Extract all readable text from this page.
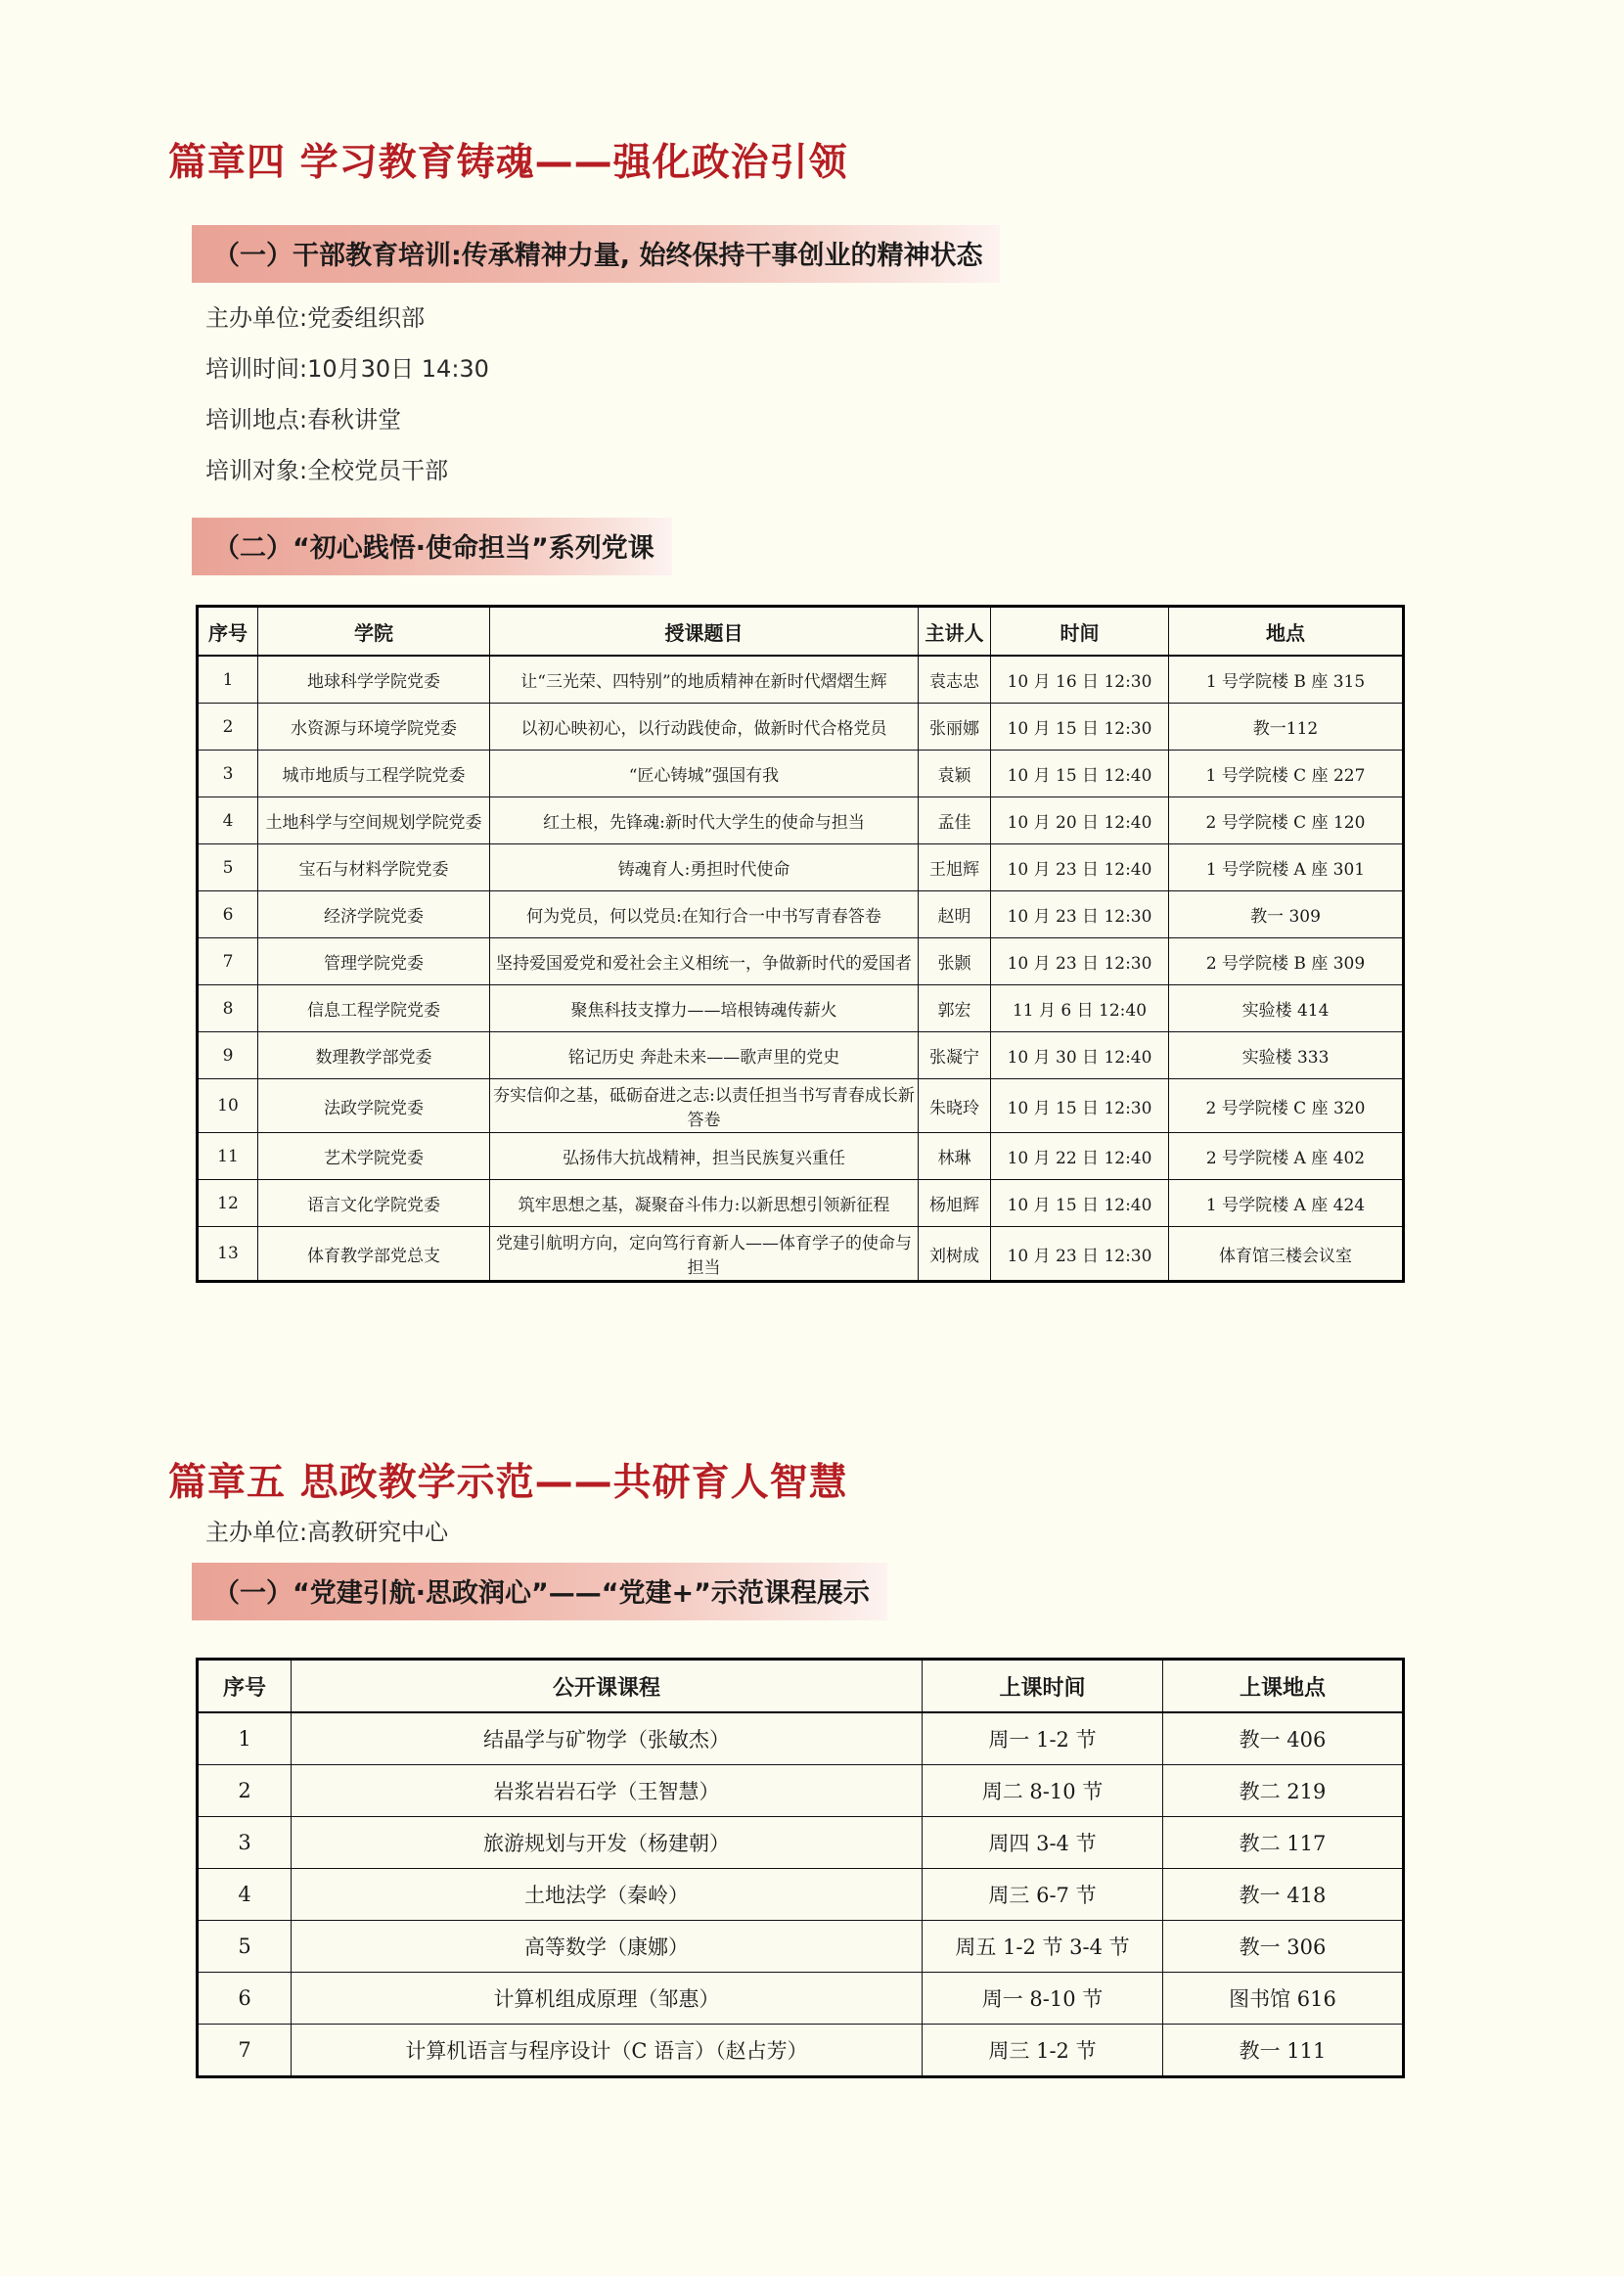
篇章四 学习教育铸魂——强化政治引领
（一）干部教育培训:传承精神力量, 始终保持干事创业的精神状态
主办单位:党委组织部
培训时间:10月30日 14:30
培训地点:春秋讲堂
培训对象:全校党员干部
（二）“初心践悟·使命担当”系列党课
序号	学院	授课题目	主讲人	时间	地点
1	地球科学学院党委	让“三光荣、四特别”的地质精神在新时代熠熠生辉	袁志忠	10 月 16 日 12:30	1 号学院楼 B 座 315
2	水资源与环境学院党委	以初心映初心，以行动践使命，做新时代合格党员	张丽娜	10 月 15 日 12:30	教一112
3	城市地质与工程学院党委	“匠心铸城”强国有我	袁颖	10 月 15 日 12:40	1 号学院楼 C 座 227
4	土地科学与空间规划学院党委	红土根，先锋魂:新时代大学生的使命与担当	孟佳	10 月 20 日 12:40	2 号学院楼 C 座 120
5	宝石与材料学院党委	铸魂育人:勇担时代使命	王旭辉	10 月 23 日 12:40	1 号学院楼 A 座 301
6	经济学院党委	何为党员，何以党员:在知行合一中书写青春答卷	赵明	10 月 23 日 12:30	教一 309
7	管理学院党委	坚持爱国爱党和爱社会主义相统一，争做新时代的爱国者	张颢	10 月 23 日 12:30	2 号学院楼 B 座 309
8	信息工程学院党委	聚焦科技支撑力——培根铸魂传薪火	郭宏	11 月 6 日 12:40	实验楼 414
9	数理教学部党委	铭记历史 奔赴未来——歌声里的党史	张凝宁	10 月 30 日 12:40	实验楼 333
10	法政学院党委	夯实信仰之基，砥砺奋进之志:以责任担当书写青春成长新答卷	朱晓玲	10 月 15 日 12:30	2 号学院楼 C 座 320
11	艺术学院党委	弘扬伟大抗战精神，担当民族复兴重任	林琳	10 月 22 日 12:40	2 号学院楼 A 座 402
12	语言文化学院党委	筑牢思想之基，凝聚奋斗伟力:以新思想引领新征程	杨旭辉	10 月 15 日 12:40	1 号学院楼 A 座 424
13	体育教学部党总支	党建引航明方向，定向笃行育新人——体育学子的使命与担当	刘树成	10 月 23 日 12:30	体育馆三楼会议室
篇章五 思政教学示范——共研育人智慧
主办单位:高教研究中心
（一）“党建引航·思政润心”——“党建+”示范课程展示
序号	公开课课程	上课时间	上课地点
1	结晶学与矿物学（张敏杰）	周一 1-2 节	教一 406
2	岩浆岩岩石学（王智慧）	周二 8-10 节	教二 219
3	旅游规划与开发（杨建朝）	周四 3-4 节	教二 117
4	土地法学（秦岭）	周三 6-7 节	教一 418
5	高等数学（康娜）	周五 1-2 节 3-4 节	教一 306
6	计算机组成原理（邹惠）	周一 8-10 节	图书馆 616
7	计算机语言与程序设计（C 语言）（赵占芳）	周三 1-2 节	教一 111
